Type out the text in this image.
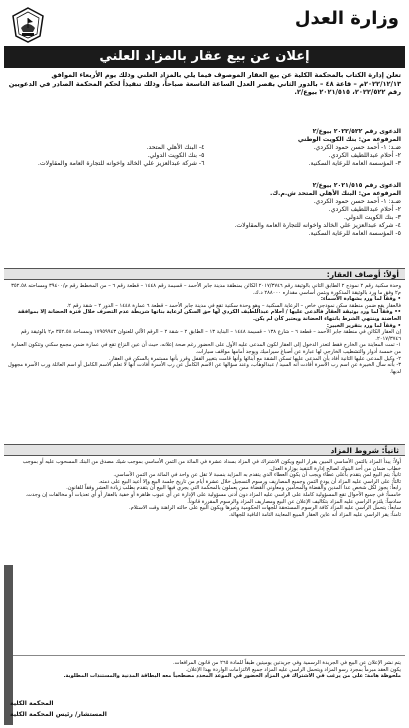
وزارة العدل
إعلان عن بيع عقار بالمزاد العلني
تعلن إدارة الكتاب بالمحكمة الكلية عن بيع العقار الموصوف فيما يلي بالمزاد العلني وذلك يوم الأربعاء الموافق ٢٠٢٢/١٢/١٣م – قاعة ٤٨ – بالدور الثاني بقصر العدل الساعة التاسعة صباحاً، وذلك تنفيذاً لحكم المحكمة الصادر في الدعويين رقم ٢٠٢٢/٥٢٢، ٢٠٢١/٥١٥ بيوع/٢.
الدعوى رقم ٢٠٢٢/٥٢٢ بيوع/٢
المرفوعة من: بنك الكويت الوطني
ضـد: ١- أحمد حسن حمود الكردي.
٢- أحلام عبداللطيف الكردي.
٣- المؤسسة العامة للرعاية السكنية.
٤- البنك الأهلي المتحد.
٥- بنك الكويت الدولي.
٦- شركة عبدالعزيز علي الخالد واخوانه للتجارة العامة والمقاولات.
الدعوى رقم ٢٠٢١/٥١٥ بيوع/٢
المرفوعة من: البنك الأهلي المتحد ش.م.ك.
ضـد: ١- أحمد حسن حمود الكردي.
٢- أحلام عبداللطيف الكردي.
٣- بنك الكويت الدولي.
٤- شركة عبدالعزيز علي الخالد واخوانه للتجارة العامة والمقاولات.
٥- المؤسسة العامة للرعاية السكنية.
أولاً: أوصاف العقار:
وحدة سكنية رقم ٢ نموذج ٢ الطابق الثاني بالوثيقة رقم ٢٠١٧/٣٧٤٦ الكائن بمنطقة مدينة جابر الأحمد – قسيمة رقم ١٤٤٨ – قطعة رقم ٦ – من المخطط رقم م/٣٩٤٠٠ ومساحته ٣٥٢.٥٨ م٢ وفق ما ورد بالوثيقة المذكورة وبثمن أساسي مقداره ٢٨٨٠٠٠ د.ك.
• وفقاً لما ورد بشهادة الأسماء:
فالعقار يقع ضمن منطقة سكن نموذجي خاص – الرعاية السكنية – وهو وحدة سكنية تقع في مدينة جابر الأحمد – قطعة ٦ عمارة ١٤٤٨ – الدور ٢ – شقة رقم ٢.
•• وفقاً لما ورد بوثيقة العقار فالدعى عليها / أحلام عبداللطيف الكردي لها حق السكن لرعاية بناتها شريطة عدم التصرف خلال فترة الحضانة إلا بموافقة الحاضنة وينتهي الشرط بانتهاء الحضانة ويعتبر كأن لم يكن.
• وفقاً لما ورد بتقرير الخبير:
إن العقار الكائن في منطقة جابر الأحمد – قطعة ٦ – شارع ١٣٨ – قسيمة ١٤٤٨ – البناية ١٣ – الطابق ٢ – شقة ٢ – الرقم الآلي للعنوان ١٧٩٥٩٩٤٣ وبمساحة ٣٥٢.٥٨ م٢ بالوثيقة رقم ٢٠١٧/٣٧٤٦.
١- تمت المعاينة من الخارج فقط لتعذر الدخول إلى العقار لكون المدعى عليه الأول على الحضور رغم صحة إعلانه، حيث أن عين النزاع تقع في عمارة ضمن مجمع سكني وتتكون العمارة من خمسة أدوار والتشطيب الخارجي لها عبارة عن أصباغ سيراميك ويوجد أمامها مواقف سيارات.
٢- وكيل المدعى عليها الثانية أفاد بأن المدعى عليها تسكن الشقة مع أبنائها وأنها قامت بتغيير القفل وقرر بأنها مستمرة بالسكن في العقار.
٣- بأنه سأل الخبيرة عن اسم رب الأسرة أفادت أنه السيد / عبدالوهاب، وعند سؤالها عن الاسم الكامل عن رب الأسرة أفادت أنها لا تعلم الاسم الكامل أو اسم العائلة ورب الأسرة مجهول لديها.
ثانياً: شروط المزاد
أولاً: يبدأ المزاد بالثمن الأساسي المبين بقرار البيع ويكون الاشتراك في المزاد بسداد عشرة في المائة من الثمن الأساسي بموجب شيك مصدق من البنك المسحوب عليه أو بموجب خطاب ضمان من أحد البنوك لصالح إدارة التنفيذ بوزارة العدل.
ثانياً: يتم البيع لمن يتقدم بأعلى عطاء ويجب أن يكون العطاء الذي يتقدم به المزايد بنسبة لا تقل عن واحد في المائة من الثمن الأساسي.
ثالثاً: على الراسي عليه المزاد أن يودع الثمن وجميع المصاريف ورسوم التسجيل خلال عشرة أيام من تاريخ جلسة البيع وإلا أعيد البيع على ذمته.
رابعاً: يجوز لكل شخص عدا المدين والقضاة والمحامين ومعاوني القضاة ممن يعملون بالمحكمة التي يجري فيها البيع أن يتقدم بطلب زيادة العشر وفقاً للقانون.
خامساً: في جميع الأحوال تقع المسؤولية كاملة على الراسي عليه المزاد دون أدنى مسؤولية على الإدارة عن أي عيوب ظاهرة أو خفية بالعقار أو أي تعديات أو مخالفات إن وجدت.
سادساً: يلتزم الراسي عليه المزاد بتكاليف الإعلان عن البيع ومصاريف المزاد والرسوم المقررة قانوناً.
سابعاً: يتحمل الراسي عليه المزاد كافة الرسوم المستحقة للجهات الحكومية وغيرها ويكون البيع على حالته الراهنة وقت الاستلام.
ثامناً: يقر الراسي عليه المزاد أنه عاين العقار المبيع المعاينة التامة النافية للجهالة.
يتم نشر الإعلان عن البيع في الجريدة الرسمية وفي جريدتين يوميتين طبقاً للمادة ٢٦٥ من قانون المرافعات.
يكون العقد مبرماً بمجرد رسو المزاد ويتحمل الراسي عليه المزاد جميع الالتزامات الواردة بهذا الإعلان.
ملحوظة هامة: على من يرغب في الاشتراك في المزاد الحضور في الموعد المحدد مصطحباً معه البطاقة المدنية والمستندات المطلوبة.
المحكمة الكلية
المستشار/ رئيس المحكمة الكلية
